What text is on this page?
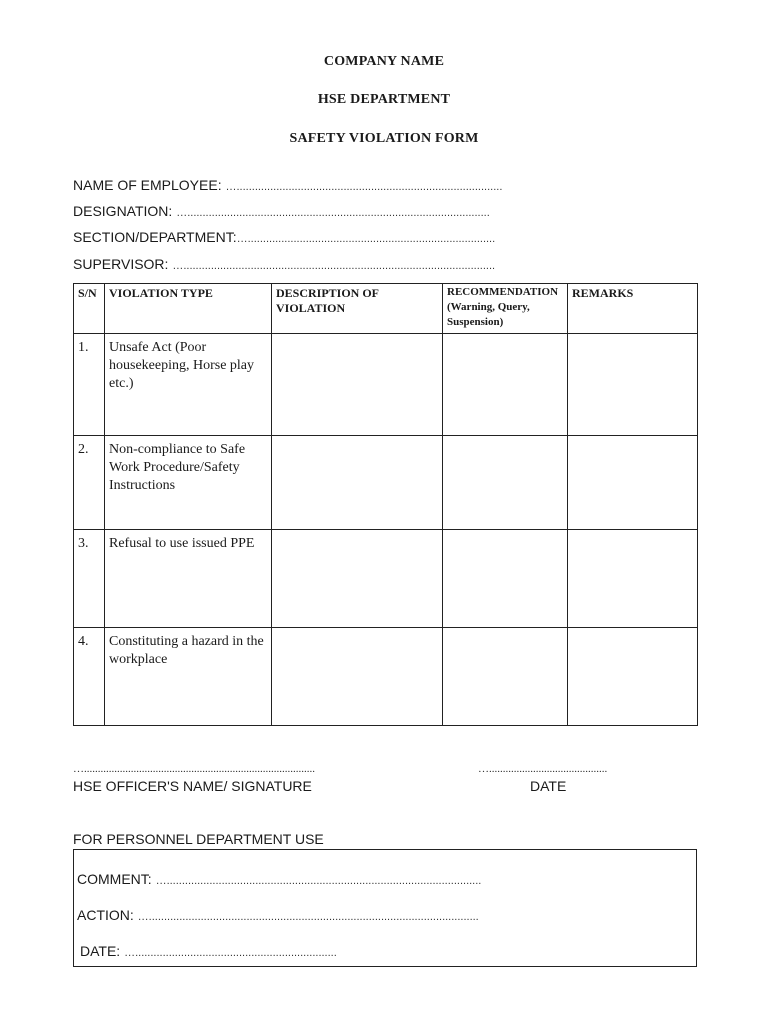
COMPANY NAME
HSE DEPARTMENT
SAFETY VIOLATION FORM
NAME OF EMPLOYEE: ….......................................................................................
DESIGNATION: …...................................................................................................
SECTION/DEPARTMENT:….................................................................................
SUPERVISOR: …......................................................................................................
S/N	VIOLATION TYPE	DESCRIPTION OF VIOLATION	RECOMMENDATION (Warning, Query, Suspension)	REMARKS
1.	Unsafe Act (Poor housekeeping, Horse play etc.)			
2.	Non-compliance to Safe Work Procedure/Safety Instructions			
3.	Refusal to use issued PPE			
4.	Constituting a hazard in the workplace			
…....................................................................................	…...........................................
HSE OFFICER'S NAME/ SIGNATURE	DATE
FOR PERSONNEL DEPARTMENT USE
COMMENT: ….......................................................................................................
ACTION: …............................................................................................................
DATE: …..................................................................
